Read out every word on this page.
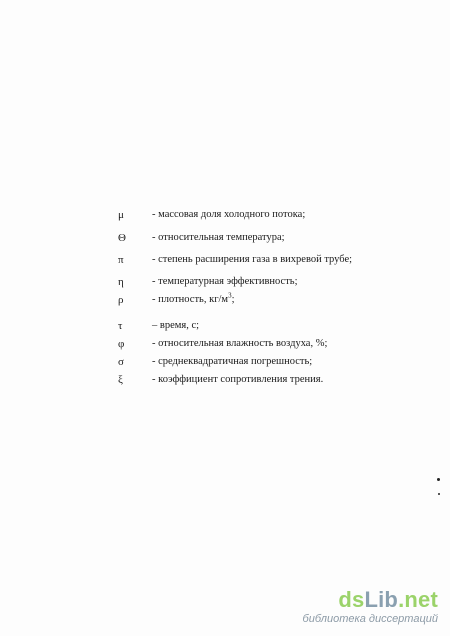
μ	- массовая доля холодного потока;
Θ	- относительная температура;
π	- степень расширения газа в вихревой трубе;
η	- температурная эффективность;
ρ	- плотность, $кг/м^3$;
τ	– время, с;
φ	- относительная влажность воздуха, %;
σ	- среднеквадратичная погрешность;
ξ	- коэффициент сопротивления трения.
dsLib.net
библиотека диссертаций
